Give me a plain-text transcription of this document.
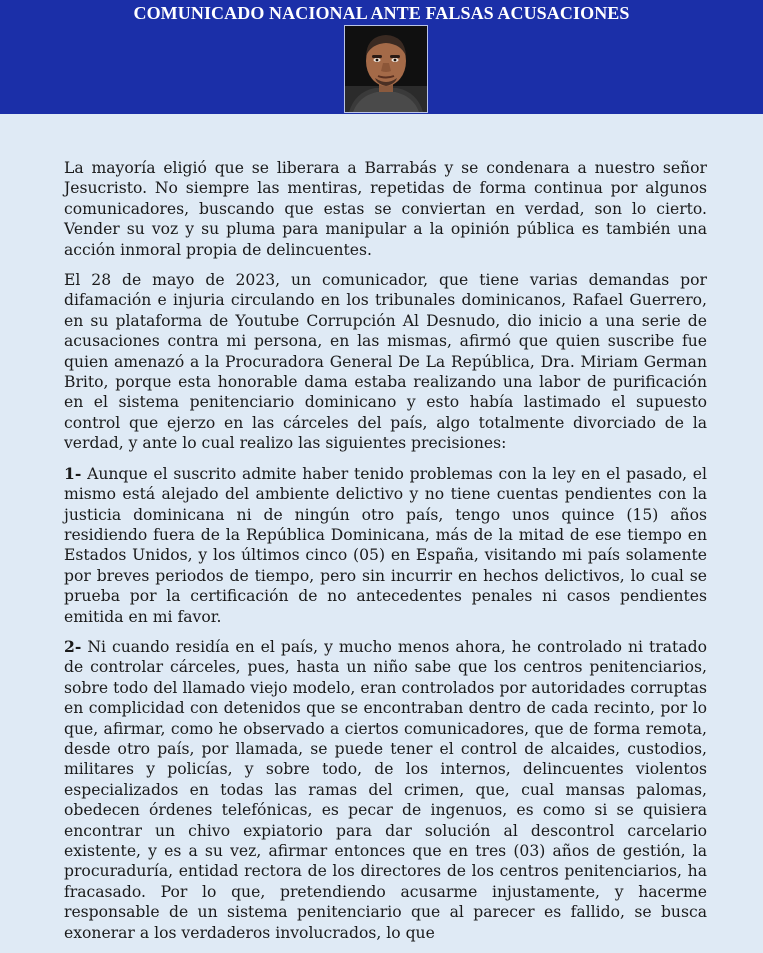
COMUNICADO NACIONAL ANTE FALSAS ACUSACIONES

La mayoría eligió que se liberara a Barrabás y se condenara a nuestro señor Jesucristo. No siempre las mentiras, repetidas de forma continua por algunos comunicadores, buscando que estas se conviertan en verdad, son lo cierto. Vender su voz y su pluma para manipular a la opinión pública es también una acción inmoral propia de delincuentes.

El 28 de mayo de 2023, un comunicador, que tiene varias demandas por difamación e injuria circulando en los tribunales dominicanos, Rafael Guerrero, en su plataforma de Youtube Corrupción Al Desnudo, dio inicio a una serie de acusaciones contra mi persona, en las mismas, afirmó que quien suscribe fue quien amenazó a la Procuradora General De La República, Dra. Miriam German Brito, porque esta honorable dama estaba realizando una labor de purificación en el sistema penitenciario dominicano y esto había lastimado el supuesto control que ejerzo en las cárceles del país, algo totalmente divorciado de la verdad, y ante lo cual realizo las siguientes precisiones:

1- Aunque el suscrito admite haber tenido problemas con la ley en el pasado, el mismo está alejado del ambiente delictivo y no tiene cuentas pendientes con la justicia dominicana ni de ningún otro país, tengo unos quince (15) años residiendo fuera de la República Dominicana, más de la mitad de ese tiempo en Estados Unidos, y los últimos cinco (05) en España, visitando mi país solamente por breves periodos de tiempo, pero sin incurrir en hechos delictivos, lo cual se prueba por la certificación de no antecedentes penales ni casos pendientes emitida en mi favor.

2- Ni cuando residía en el país, y mucho menos ahora, he controlado ni tratado de controlar cárceles, pues, hasta un niño sabe que los centros penitenciarios, sobre todo del llamado viejo modelo, eran controlados por autoridades corruptas en complicidad con detenidos que se encontraban dentro de cada recinto, por lo que, afirmar, como he observado a ciertos comunicadores, que de forma remota, desde otro país, por llamada, se puede tener el control de alcaides, custodios, militares y policías, y sobre todo, de los internos, delincuentes violentos especializados en todas las ramas del crimen, que, cual mansas palomas, obedecen órdenes telefónicas, es pecar de ingenuos, es como si se quisiera encontrar un chivo expiatorio para dar solución al descontrol carcelario existente, y es a su vez, afirmar entonces que en tres (03) años de gestión, la procuraduría, entidad rectora de los directores de los centros penitenciarios, ha fracasado. Por lo que, pretendiendo acusarme injustamente, y hacerme responsable de un sistema penitenciario que al parecer es fallido, se busca exonerar a los verdaderos involucrados, lo que
